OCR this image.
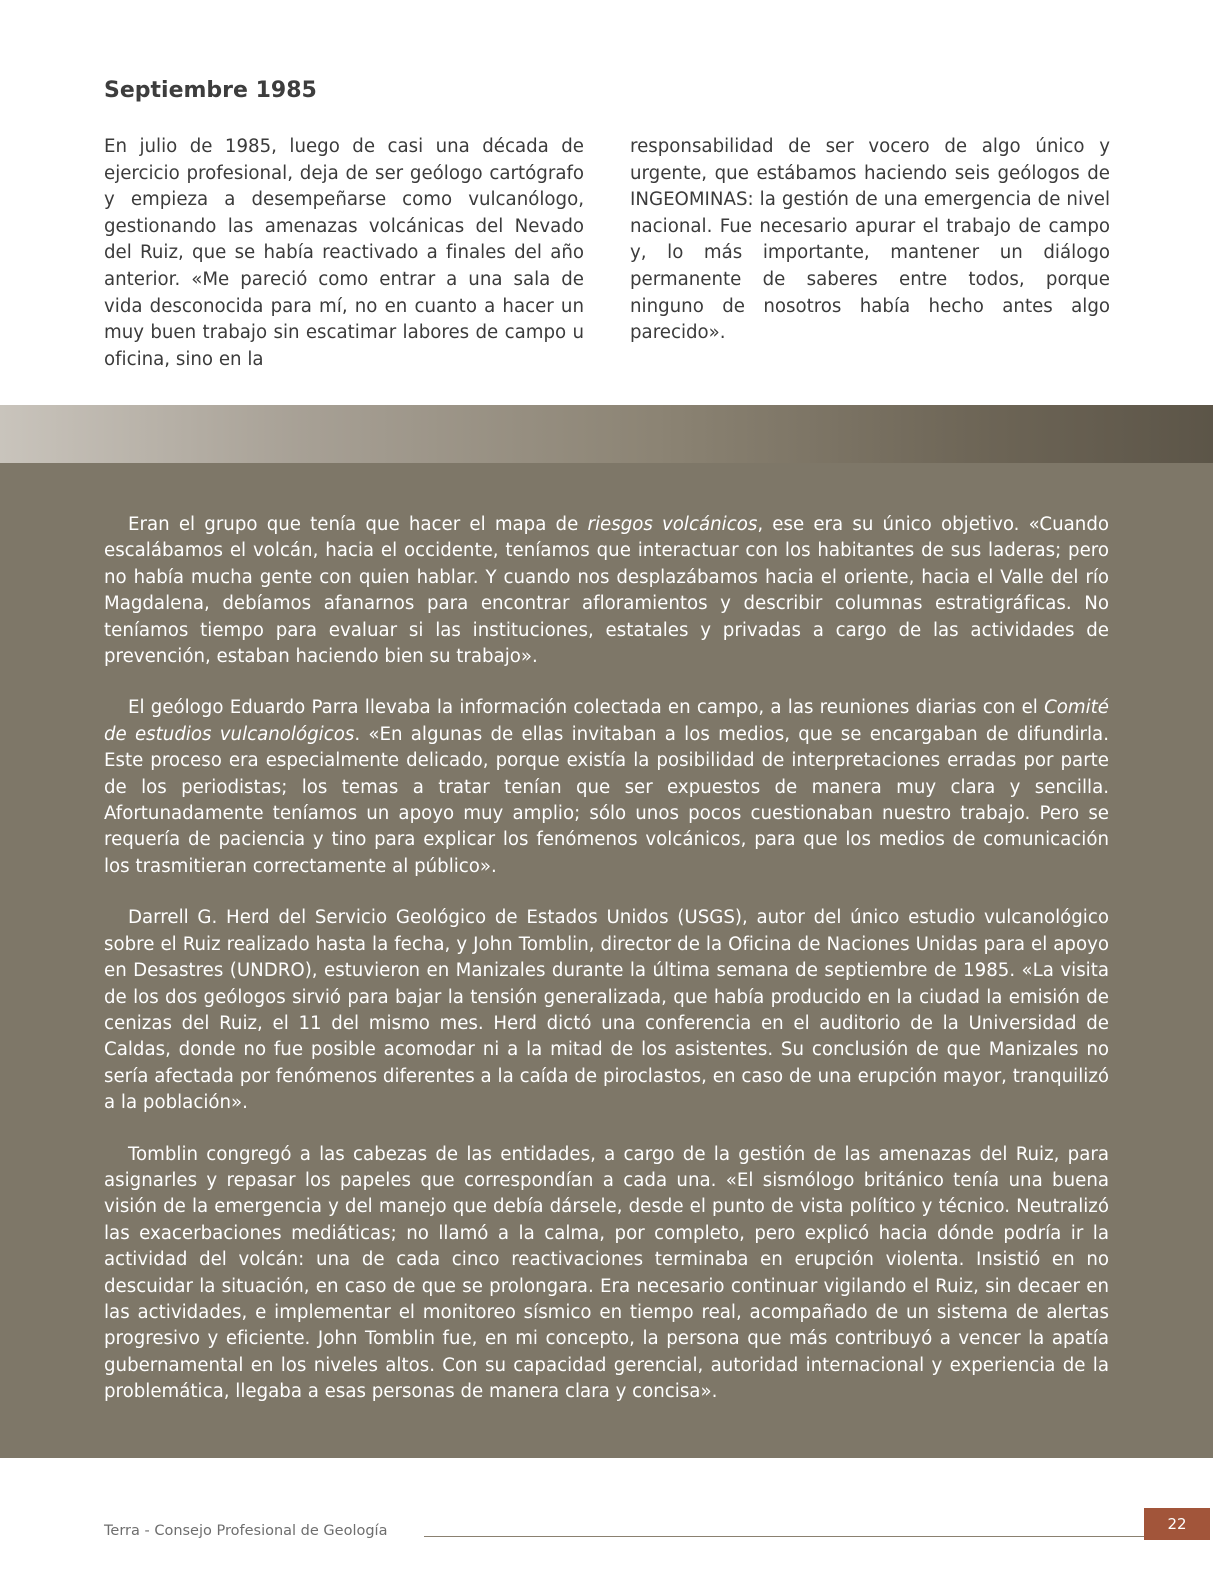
Septiembre 1985

En julio de 1985, luego de casi una década de ejercicio profesional, deja de ser geólogo cartógrafo y empieza a desempeñarse como vulcanólogo, gestionando las amenazas volcánicas del Nevado del Ruiz, que se había reactivado a finales del año anterior. «Me pareció como entrar a una sala de vida desconocida para mí, no en cuanto a hacer un muy buen trabajo sin escatimar labores de campo u oficina, sino en la

responsabilidad de ser vocero de algo único y urgente, que estábamos haciendo seis geólogos de INGEOMINAS: la gestión de una emergencia de nivel nacional. Fue necesario apurar el trabajo de campo y, lo más importante, mantener un diálogo permanente de saberes entre todos, porque ninguno de nosotros había hecho antes algo parecido».

Eran el grupo que tenía que hacer el mapa de riesgos volcánicos, ese era su único objetivo. «Cuando escalábamos el volcán, hacia el occidente, teníamos que interactuar con los habitantes de sus laderas; pero no había mucha gente con quien hablar. Y cuando nos desplazábamos hacia el oriente, hacia el Valle del río Magdalena, debíamos afanarnos para encontrar afloramientos y describir columnas estratigráficas. No teníamos tiempo para evaluar si las instituciones, estatales y privadas a cargo de las actividades de prevención, estaban haciendo bien su trabajo».

El geólogo Eduardo Parra llevaba la información colectada en campo, a las reuniones diarias con el Comité de estudios vulcanológicos. «En algunas de ellas invitaban a los medios, que se encargaban de difundirla. Este proceso era especialmente delicado, porque existía la posibilidad de interpretaciones erradas por parte de los periodistas; los temas a tratar tenían que ser expuestos de manera muy clara y sencilla. Afortunadamente teníamos un apoyo muy amplio; sólo unos pocos cuestionaban nuestro trabajo. Pero se requería de paciencia y tino para explicar los fenómenos volcánicos, para que los medios de comunicación los trasmitieran correctamente al público».

Darrell G. Herd del Servicio Geológico de Estados Unidos (USGS), autor del único estudio vulcanológico sobre el Ruiz realizado hasta la fecha, y John Tomblin, director de la Oficina de Naciones Unidas para el apoyo en Desastres (UNDRO), estuvieron en Manizales durante la última semana de septiembre de 1985. «La visita de los dos geólogos sirvió para bajar la tensión generalizada, que había producido en la ciudad la emisión de cenizas del Ruiz, el 11 del mismo mes. Herd dictó una conferencia en el auditorio de la Universidad de Caldas, donde no fue posible acomodar ni a la mitad de los asistentes. Su conclusión de que Manizales no sería afectada por fenómenos diferentes a la caída de piroclastos, en caso de una erupción mayor, tranquilizó a la población».

Tomblin congregó a las cabezas de las entidades, a cargo de la gestión de las amenazas del Ruiz, para asignarles y repasar los papeles que correspondían a cada una. «El sismólogo británico tenía una buena visión de la emergencia y del manejo que debía dársele, desde el punto de vista político y técnico. Neutralizó las exacerbaciones mediáticas; no llamó a la calma, por completo, pero explicó hacia dónde podría ir la actividad del volcán: una de cada cinco reactivaciones terminaba en erupción violenta. Insistió en no descuidar la situación, en caso de que se prolongara. Era necesario continuar vigilando el Ruiz, sin decaer en las actividades, e implementar el monitoreo sísmico en tiempo real, acompañado de un sistema de alertas progresivo y eficiente. John Tomblin fue, en mi concepto, la persona que más contribuyó a vencer la apatía gubernamental en los niveles altos. Con su capacidad gerencial, autoridad internacional y experiencia de la problemática, llegaba a esas personas de manera clara y concisa».

Terra - Consejo Profesional de Geología	22
